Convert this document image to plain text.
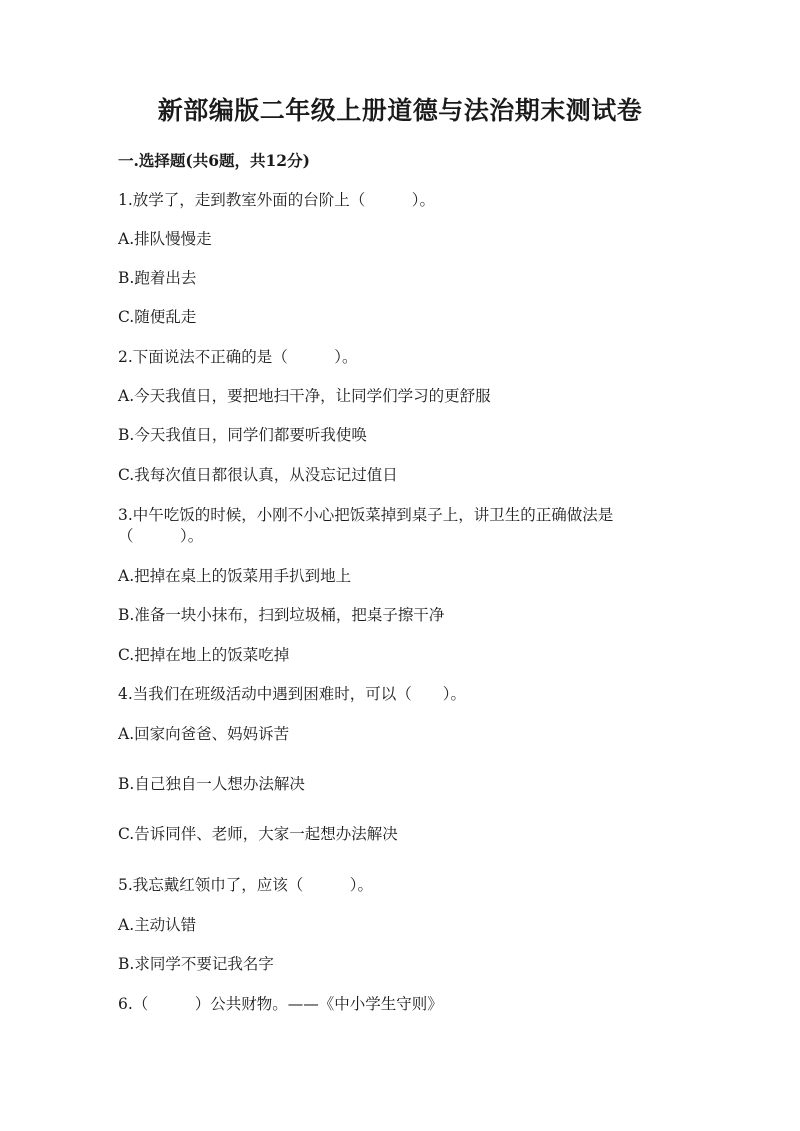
新部编版二年级上册道德与法治期末测试卷
一.选择题(共6题，共12分)
1.放学了，走到教室外面的台阶上（　　　）。
A.排队慢慢走
B.跑着出去
C.随便乱走
2.下面说法不正确的是（　　　）。
A.今天我值日，要把地扫干净，让同学们学习的更舒服
B.今天我值日，同学们都要听我使唤
C.我每次值日都很认真，从没忘记过值日
3.中午吃饭的时候，小刚不小心把饭菜掉到桌子上，讲卫生的正确做法是
（　　　）。
A.把掉在桌上的饭菜用手扒到地上
B.准备一块小抹布，扫到垃圾桶，把桌子擦干净
C.把掉在地上的饭菜吃掉
4.当我们在班级活动中遇到困难时，可以（　　）。
A.回家向爸爸、妈妈诉苦
B.自己独自一人想办法解决
C.告诉同伴、老师，大家一起想办法解决
5.我忘戴红领巾了，应该（　　　）。
A.主动认错
B.求同学不要记我名字
6.（　　　）公共财物。——《中小学生守则》
